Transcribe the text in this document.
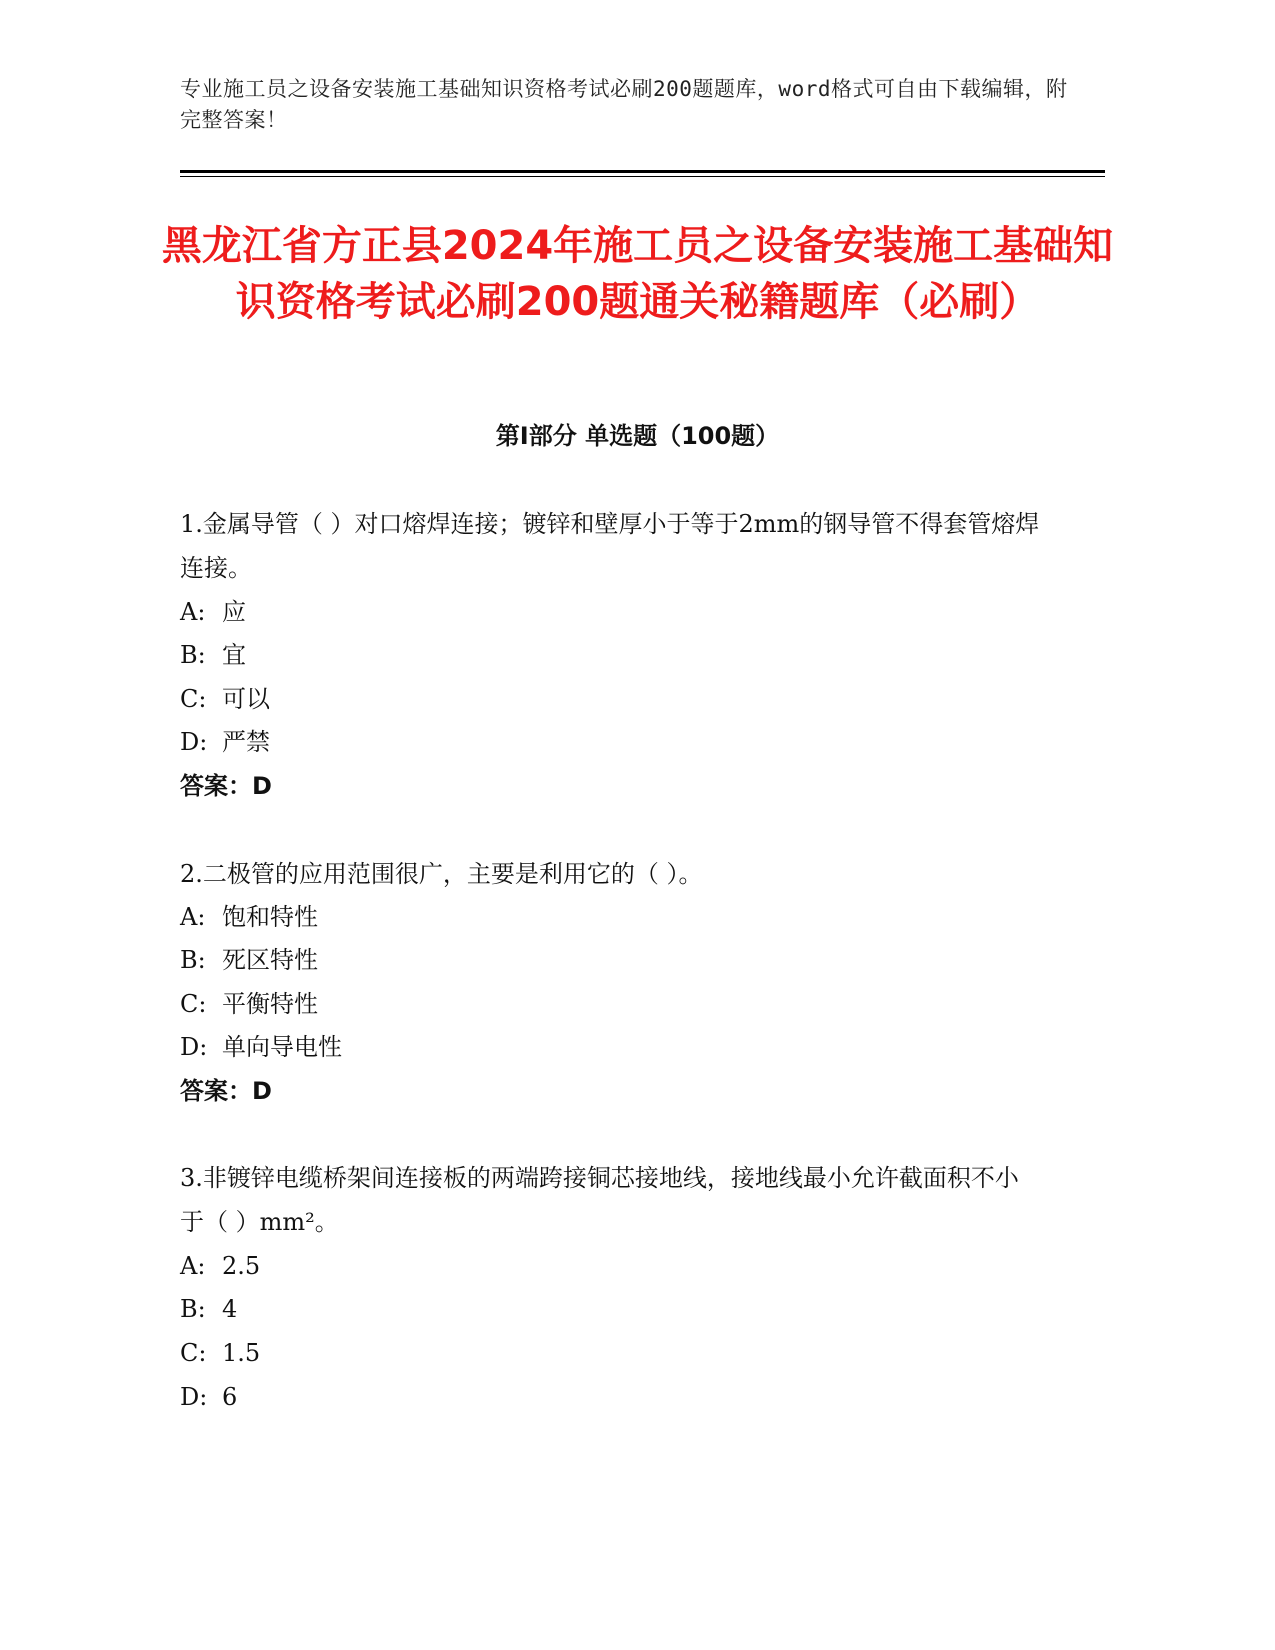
专业施工员之设备安装施工基础知识资格考试必刷200题题库，word格式可自由下载编辑，附完整答案！
黑龙江省方正县2024年施工员之设备安装施工基础知识资格考试必刷200题通关秘籍题库（必刷）
第I部分 单选题（100题）
1.金属导管（ ）对口熔焊连接；镀锌和壁厚小于等于2mm的钢导管不得套管熔焊连接。
A: 应
B: 宜
C: 可以
D: 严禁
答案：D
2.二极管的应用范围很广，主要是利用它的（ ）。
A: 饱和特性
B: 死区特性
C: 平衡特性
D: 单向导电性
答案：D
3.非镀锌电缆桥架间连接板的两端跨接铜芯接地线，接地线最小允许截面积不小于（ ）mm²。
A: 2.5
B: 4
C: 1.5
D: 6
